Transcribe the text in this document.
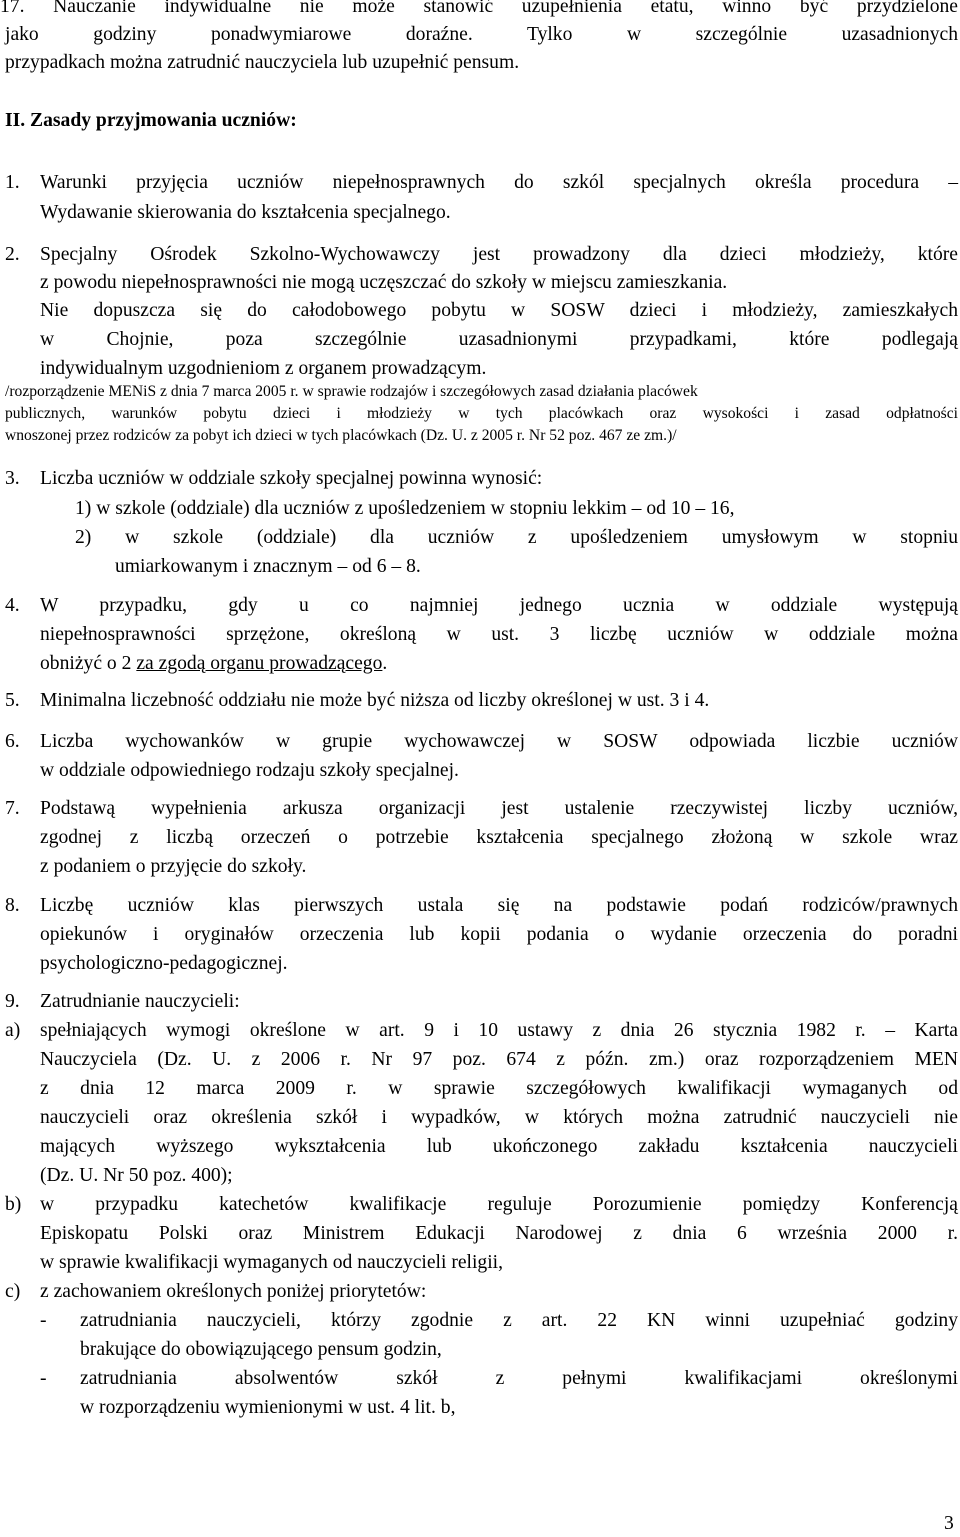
17. Nauczanie indywidualne nie może stanowić uzupełnienia etatu, winno być przydzielone
jako godziny ponadwymiarowe doraźne. Tylko w szczególnie uzasadnionych
przypadkach można zatrudnić nauczyciela lub uzupełnić pensum.
II. Zasady przyjmowania uczniów:
1. Warunki przyjęcia uczniów niepełnosprawnych do szkól specjalnych określa procedura –
Wydawanie skierowania do kształcenia specjalnego.
2. Specjalny Ośrodek Szkolno-Wychowawczy jest prowadzony dla dzieci młodzieży, które
z powodu niepełnosprawności nie mogą uczęszczać do szkoły w miejscu zamieszkania.
Nie dopuszcza się do całodobowego pobytu w SOSW dzieci i młodzieży, zamieszkałych
w Chojnie, poza szczególnie uzasadnionymi przypadkami, które podlegają
indywidualnym uzgodnieniom z organem prowadzącym.
/rozporządzenie MENiS z dnia 7 marca 2005 r. w sprawie rodzajów i szczegółowych zasad działania placówek
publicznych, warunków pobytu dzieci i młodzieży w tych placówkach oraz wysokości i zasad odpłatności
wnoszonej przez rodziców za pobyt ich dzieci w tych placówkach (Dz. U. z 2005 r. Nr 52 poz. 467 ze zm.)/
3. Liczba uczniów w oddziale szkoły specjalnej powinna wynosić:
1) w szkole (oddziale) dla uczniów z upośledzeniem w stopniu lekkim – od 10 – 16,
2) w szkole (oddziale) dla uczniów z upośledzeniem umysłowym w stopniu
umiarkowanym i znacznym – od 6 – 8.
4. W przypadku, gdy u co najmniej jednego ucznia w oddziale występują
niepełnosprawności sprzężone, określoną w ust. 3 liczbę uczniów w oddziale można
obniżyć o 2 za zgodą organu prowadzącego.
5. Minimalna liczebność oddziału nie może być niższa od liczby określonej w ust. 3 i 4.
6. Liczba wychowanków w grupie wychowawczej w SOSW odpowiada liczbie uczniów
w oddziale odpowiedniego rodzaju szkoły specjalnej.
7. Podstawą wypełnienia arkusza organizacji jest ustalenie rzeczywistej liczby uczniów,
zgodnej z liczbą orzeczeń o potrzebie kształcenia specjalnego złożoną w szkole wraz
z podaniem o przyjęcie do szkoły.
8. Liczbę uczniów klas pierwszych ustala się na podstawie podań rodziców/prawnych
opiekunów i oryginałów orzeczenia lub kopii podania o wydanie orzeczenia do poradni
psychologiczno-pedagogicznej.
9. Zatrudnianie nauczycieli:
a) spełniających wymogi określone w art. 9 i 10 ustawy z dnia 26 stycznia 1982 r. – Karta
Nauczyciela (Dz. U. z 2006 r. Nr 97 poz. 674 z późn. zm.) oraz rozporządzeniem MEN
z dnia 12 marca 2009 r. w sprawie szczegółowych kwalifikacji wymaganych od
nauczycieli oraz określenia szkół i wypadków, w których można zatrudnić nauczycieli nie
mających wyższego wykształcenia lub ukończonego zakładu kształcenia nauczycieli
(Dz. U. Nr 50 poz. 400);
b) w przypadku katechetów kwalifikacje reguluje Porozumienie pomiędzy Konferencją
Episkopatu Polski oraz Ministrem Edukacji Narodowej z dnia 6 września 2000 r.
w sprawie kwalifikacji wymaganych od nauczycieli religii,
c) z zachowaniem określonych poniżej priorytetów:
- zatrudniania nauczycieli, którzy zgodnie z art. 22 KN winni uzupełniać godziny
brakujące do obowiązującego pensum godzin,
- zatrudniania absolwentów szkół z pełnymi kwalifikacjami określonymi
w rozporządzeniu wymienionymi w ust. 4 lit. b,
3
